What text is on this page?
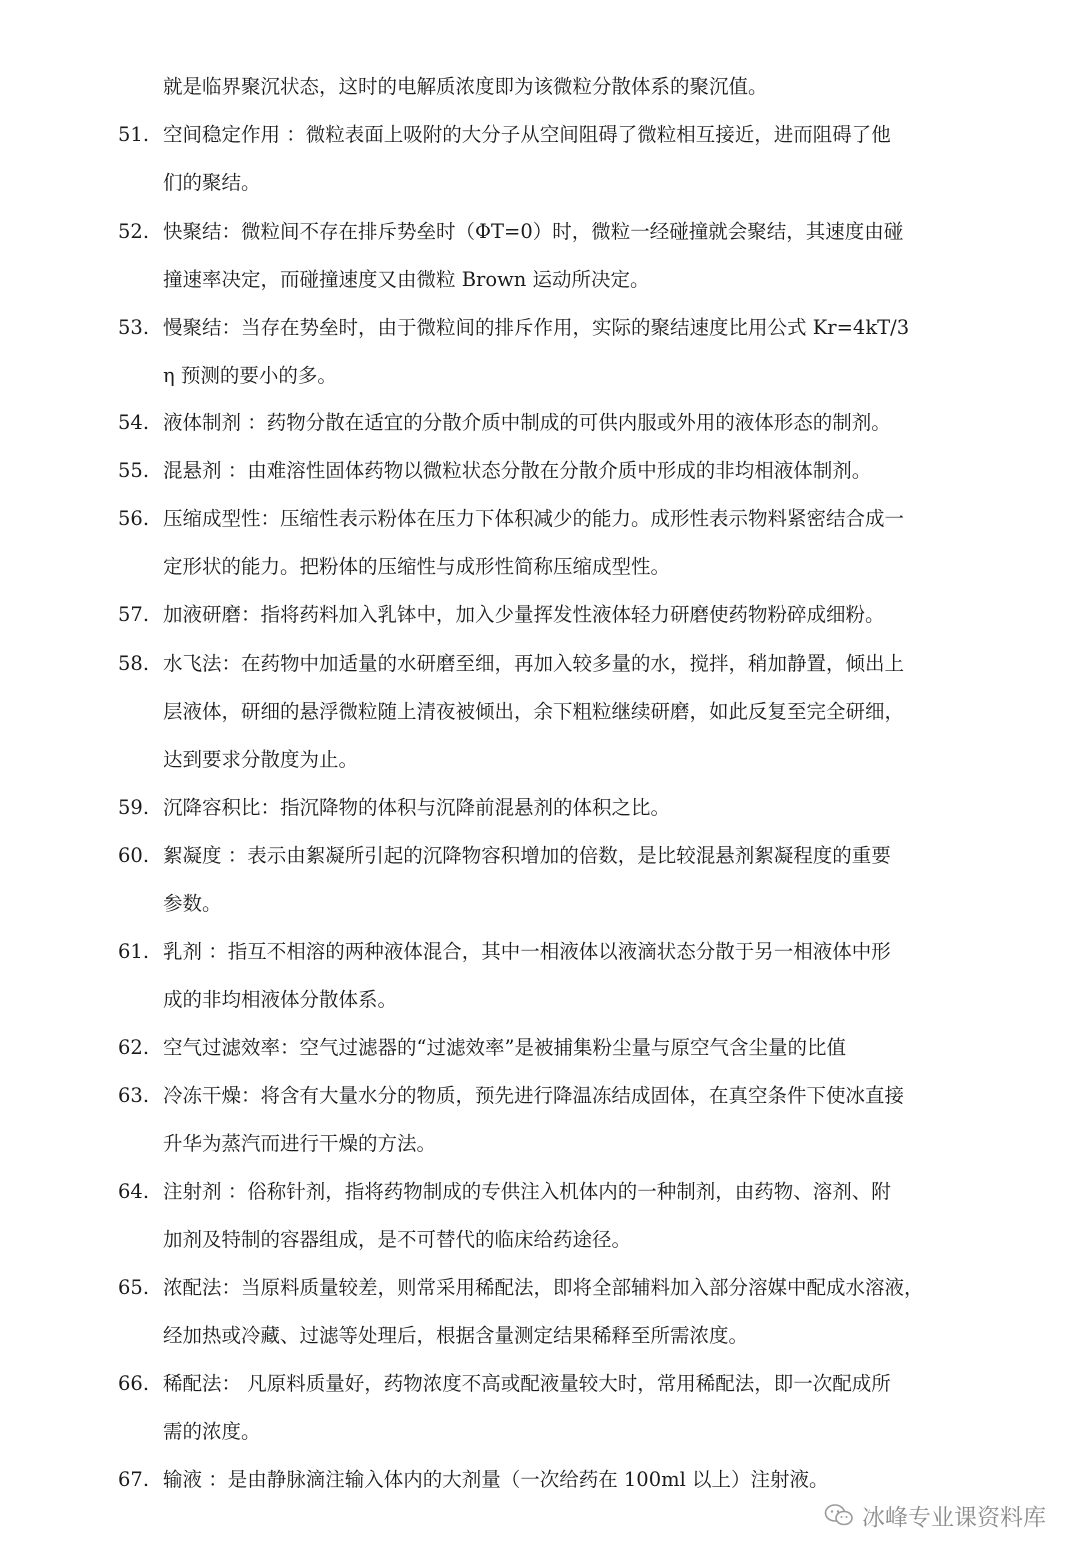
就是临界聚沉状态，这时的电解质浓度即为该微粒分散体系的聚沉值。
51. 空间稳定作用 ：微粒表面上吸附的大分子从空间阻碍了微粒相互接近，进而阻碍了他
们的聚结。
52. 快聚结：微粒间不存在排斥势垒时（ΦT=0）时，微粒一经碰撞就会聚结，其速度由碰
撞速率决定，而碰撞速度又由微粒 Brown 运动所决定。
53. 慢聚结：当存在势垒时，由于微粒间的排斥作用，实际的聚结速度比用公式 Kr=4kT/3
η 预测的要小的多。
54. 液体制剂 ：药物分散在适宜的分散介质中制成的可供内服或外用的液体形态的制剂。
55. 混悬剂 ：由难溶性固体药物以微粒状态分散在分散介质中形成的非均相液体制剂。
56. 压缩成型性：压缩性表示粉体在压力下体积减少的能力。成形性表示物料紧密结合成一
定形状的能力。把粉体的压缩性与成形性简称压缩成型性。
57. 加液研磨：指将药料加入乳钵中，加入少量挥发性液体轻力研磨使药物粉碎成细粉。
58. 水飞法：在药物中加适量的水研磨至细，再加入较多量的水，搅拌，稍加静置，倾出上
层液体，研细的悬浮微粒随上清夜被倾出，余下粗粒继续研磨，如此反复至完全研细，
达到要求分散度为止。
59. 沉降容积比：指沉降物的体积与沉降前混悬剂的体积之比。
60. 絮凝度 ：表示由絮凝所引起的沉降物容积增加的倍数，是比较混悬剂絮凝程度的重要
参数。
61. 乳剂 ：指互不相溶的两种液体混合，其中一相液体以液滴状态分散于另一相液体中形
成的非均相液体分散体系。
62. 空气过滤效率：空气过滤器的“过滤效率”是被捕集粉尘量与原空气含尘量的比值
63. 冷冻干燥：将含有大量水分的物质，预先进行降温冻结成固体，在真空条件下使冰直接
升华为蒸汽而进行干燥的方法。
64. 注射剂 ：俗称针剂，指将药物制成的专供注入机体内的一种制剂，由药物、溶剂、附
加剂及特制的容器组成，是不可替代的临床给药途径。
65. 浓配法：当原料质量较差，则常采用稀配法，即将全部辅料加入部分溶媒中配成水溶液，
经加热或冷藏、过滤等处理后，根据含量测定结果稀释至所需浓度。
66. 稀配法： 凡原料质量好，药物浓度不高或配液量较大时，常用稀配法，即一次配成所
需的浓度。
67. 输液 ：是由静脉滴注输入体内的大剂量（一次给药在 100ml 以上）注射液。
冰峰专业课资料库
